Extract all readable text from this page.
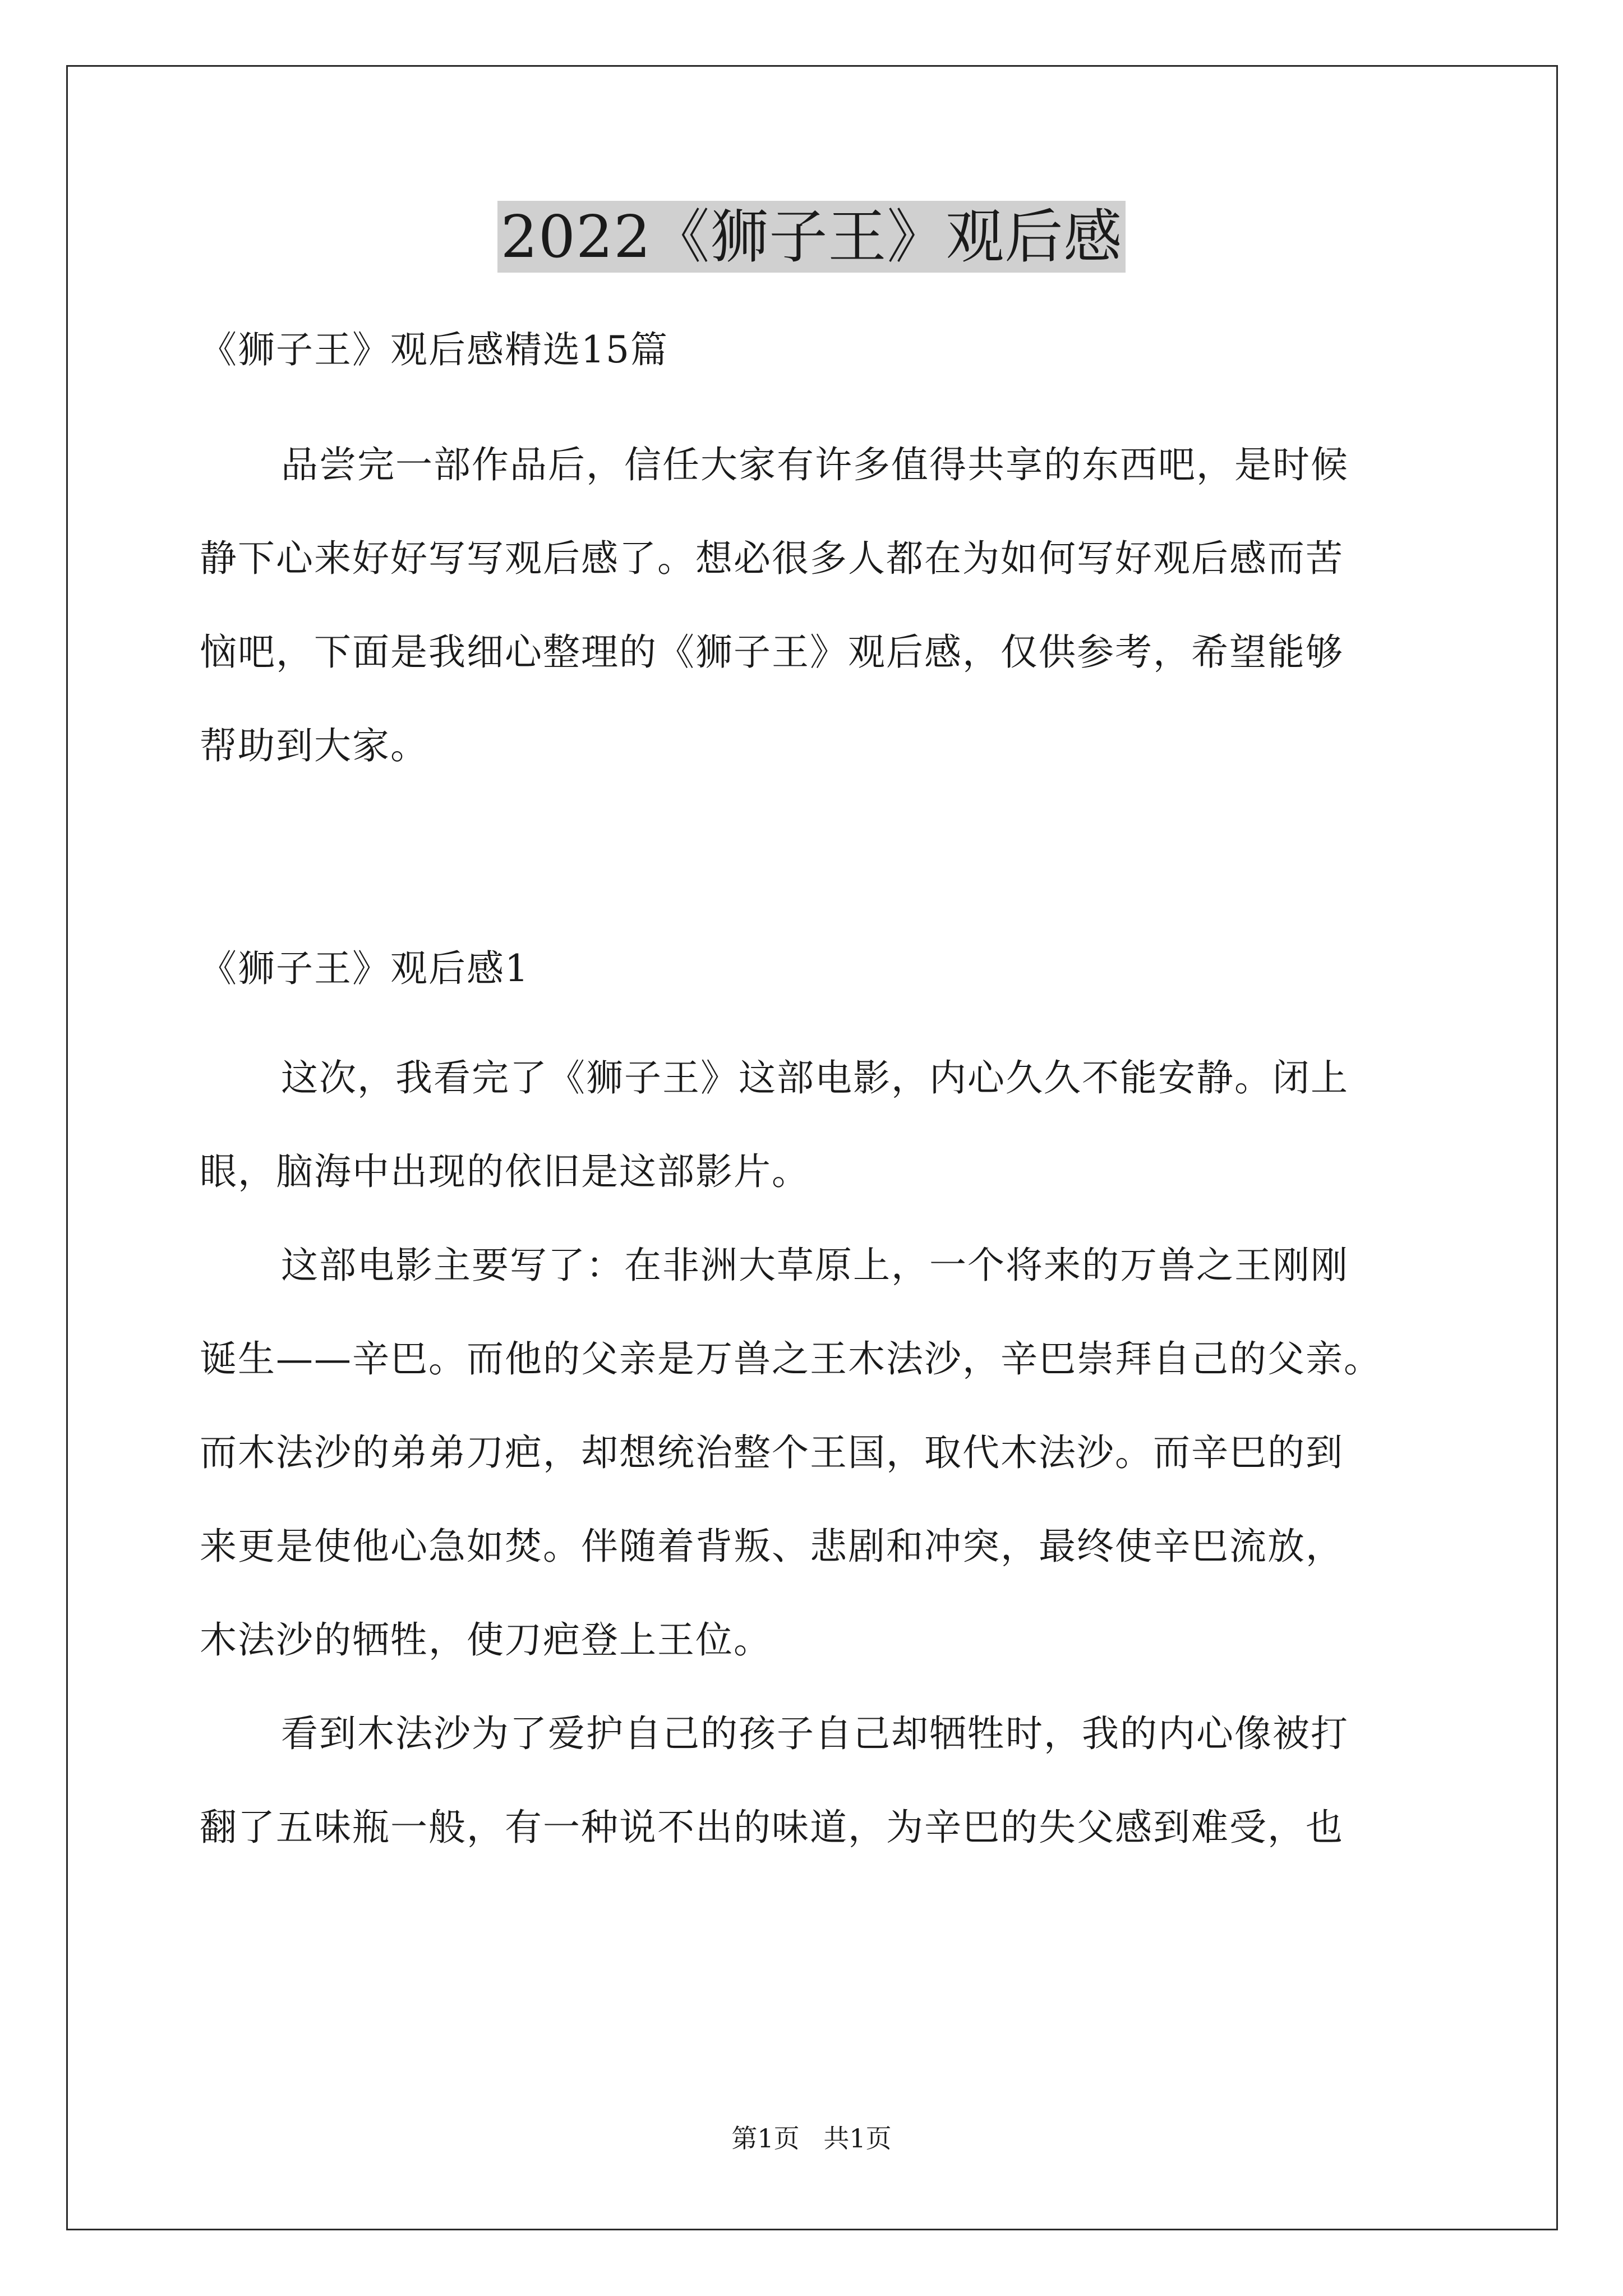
2022《狮子王》观后感
《狮子王》观后感精选15篇
品尝完一部作品后，信任大家有许多值得共享的东西吧，是时候
静下心来好好写写观后感了。想必很多人都在为如何写好观后感而苦
恼吧，下面是我细心整理的《狮子王》观后感，仅供参考，希望能够
帮助到大家。
《狮子王》观后感1
这次，我看完了《狮子王》这部电影，内心久久不能安静。闭上
眼，脑海中出现的依旧是这部影片。
这部电影主要写了：在非洲大草原上，一个将来的万兽之王刚刚
诞生——辛巴。而他的父亲是万兽之王木法沙，辛巴崇拜自己的父亲。
而木法沙的弟弟刀疤，却想统治整个王国，取代木法沙。而辛巴的到
来更是使他心急如焚。伴随着背叛、悲剧和冲突，最终使辛巴流放，
木法沙的牺牲，使刀疤登上王位。
看到木法沙为了爱护自己的孩子自己却牺牲时，我的内心像被打
翻了五味瓶一般，有一种说不出的味道，为辛巴的失父感到难受，也
第1页 共1页
